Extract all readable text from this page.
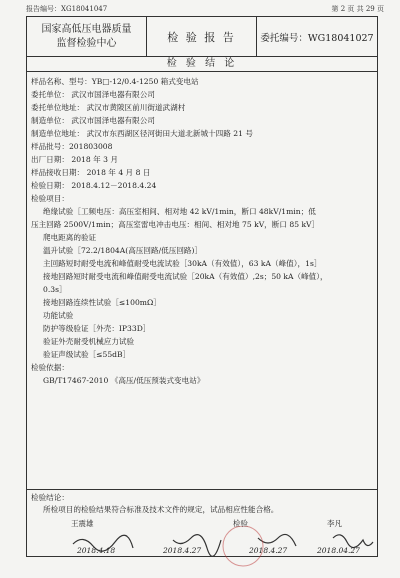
报告编号：XG18041047	第 2 页 共 29 页
国家高低压电器质量
监督检验中心	检 验 报 告	委托编号：WG18041027
检 验 结 论
样品名称、型号：YB□-12/0.4-1250 箱式变电站
委托单位： 武汉市国泽电器有限公司
委托单位地址： 武汉市黄陂区前川街道武湖村
制造单位： 武汉市国泽电器有限公司
制造单位地址： 武汉市东西湖区径河街田大道北新城十四路 21 号
样品批号：201803008
出厂日期： 2018 年 3 月
样品接收日期： 2018 年 4 月 8 日
检验日期： 2018.4.12－2018.4.24
检验项目：
绝缘试验［工频电压：高压室相间、相对地 42 kV/1min，断口 48kV/1min；低
压主回路 2500V/1min；高压室雷电冲击电压：相间、相对地 75 kV，断口 85 kV］
爬电距离的验证
温升试验［72.2/1804A(高压回路/低压回路)］
主回路短时耐受电流和峰值耐受电流试验［30kA（有效值），63 kA（峰值），1s］
接地回路短时耐受电流和峰值耐受电流试验［20kA（有效值）,2s；50 kA（峰值），
0.3s］
接地回路连续性试验［≤100mΩ］
功能试验
防护等级验证［外壳：IP33D］
验证外壳耐受机械应力试验
验证声级试验［≤55dB］
检验依据：
GB/T17467-2010 《高压/低压预装式变电站》
检验结论：
所检项目的检验结果符合标准及技术文件的规定，试品相应性能合格。
王震雄	检验	李凡
2018.4.18	2018.4.27	2018.4.27	2018.04.27
